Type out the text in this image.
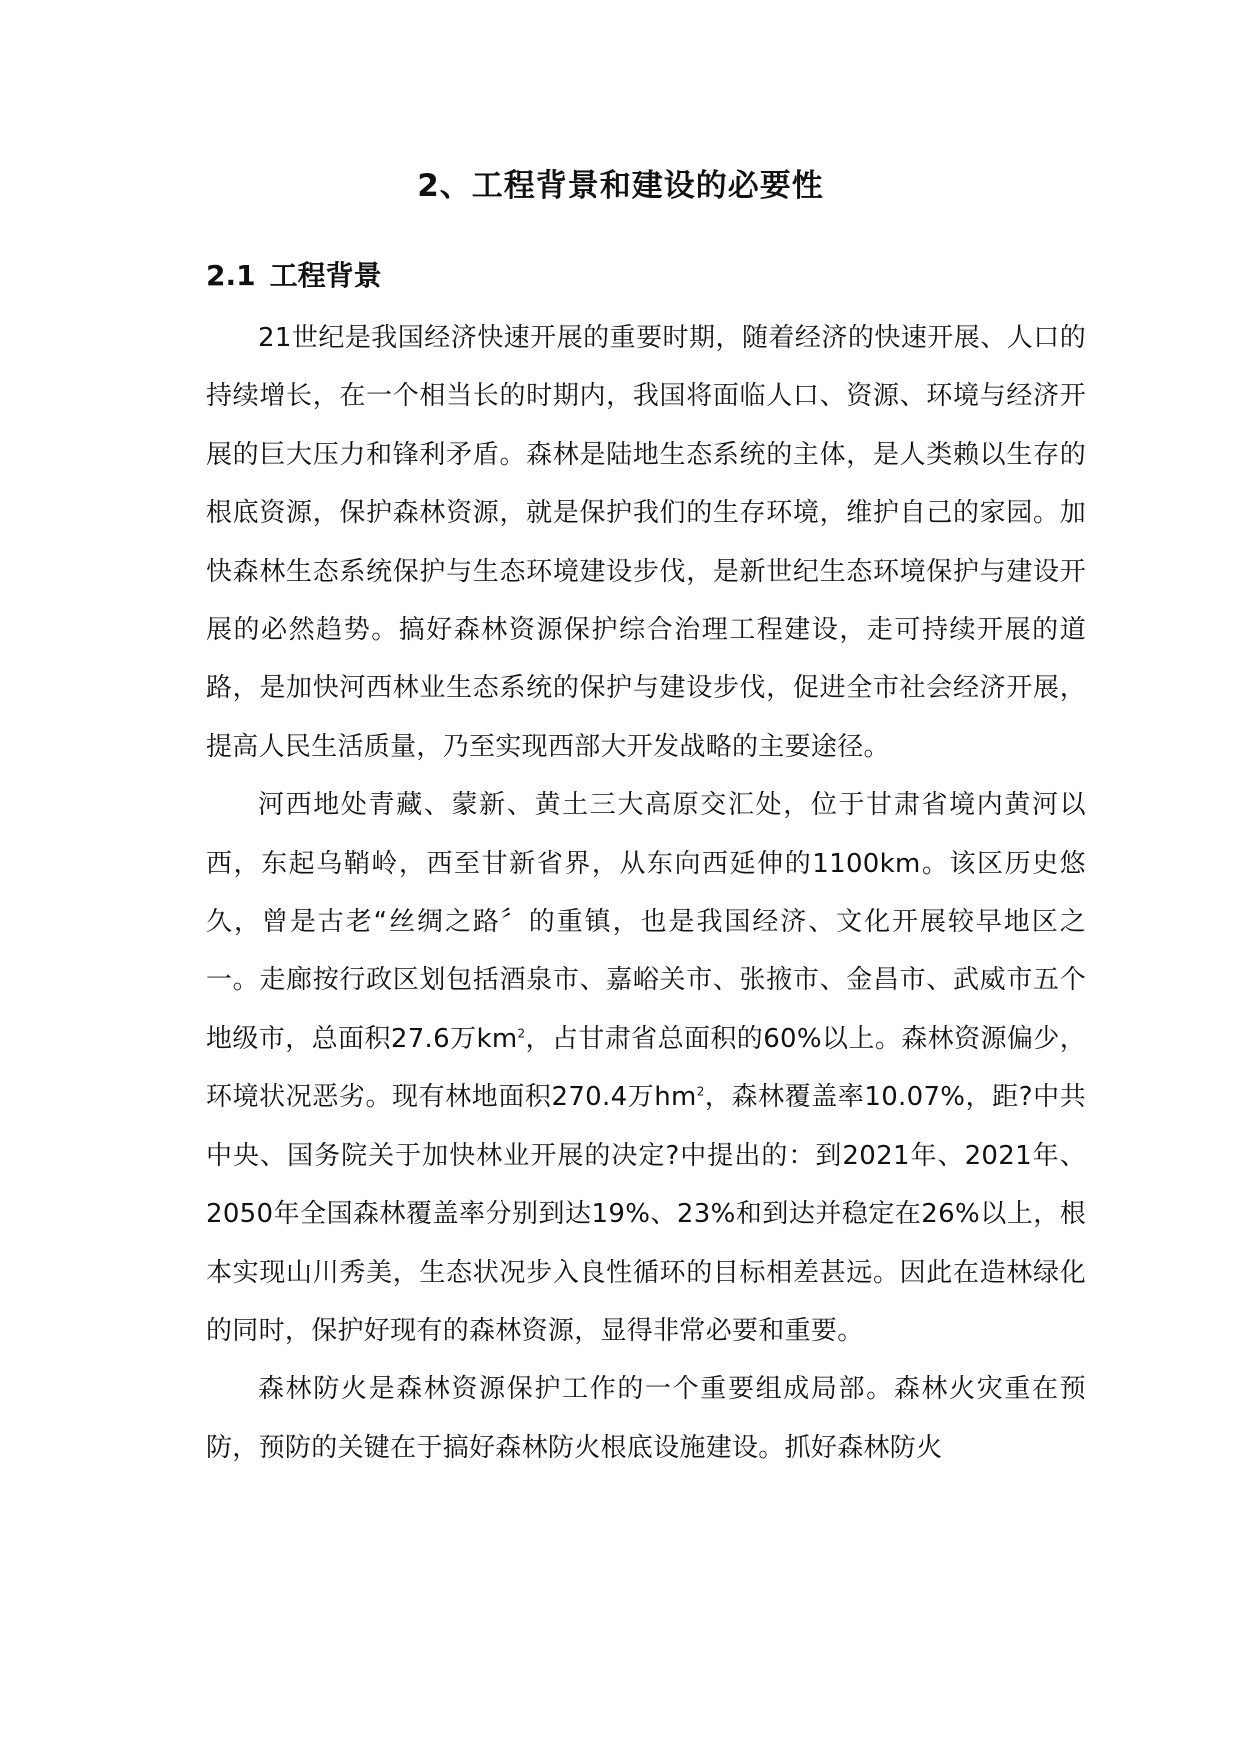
2、工程背景和建设的必要性
2.1 工程背景

21世纪是我国经济快速开展的重要时期，随着经济的快速开展、人口的持续增长，在一个相当长的时期内，我国将面临人口、资源、环境与经济开展的巨大压力和锋利矛盾。森林是陆地生态系统的主体，是人类赖以生存的根底资源，保护森林资源，就是保护我们的生存环境，维护自己的家园。加快森林生态系统保护与生态环境建设步伐，是新世纪生态环境保护与建设开展的必然趋势。搞好森林资源保护综合治理工程建设，走可持续开展的道路，是加快河西林业生态系统的保护与建设步伐，促进全市社会经济开展，提高人民生活质量，乃至实现西部大开发战略的主要途径。

河西地处青藏、蒙新、黄土三大高原交汇处，位于甘肃省境内黄河以西，东起乌鞘岭，西至甘新省界，从东向西延伸的1100km。该区历史悠久，曾是古老“丝绸之路〞的重镇，也是我国经济、文化开展较早地区之一。走廊按行政区划包括酒泉市、嘉峪关市、张掖市、金昌市、武威市五个地级市，总面积27.6万$km^2$，占甘肃省总面积的60%以上。森林资源偏少，环境状况恶劣。现有林地面积270.4万$hm^2$，森林覆盖率10.07%，距?中共中央、国务院关于加快林业开展的决定?中提出的：到2021年、2021年、2050年全国森林覆盖率分别到达19%、23%和到达并稳定在26%以上，根本实现山川秀美，生态状况步入良性循环的目标相差甚远。因此在造林绿化的同时，保护好现有的森林资源，显得非常必要和重要。

森林防火是森林资源保护工作的一个重要组成局部。森林火灾重在预防，预防的关键在于搞好森林防火根底设施建设。抓好森林防火
